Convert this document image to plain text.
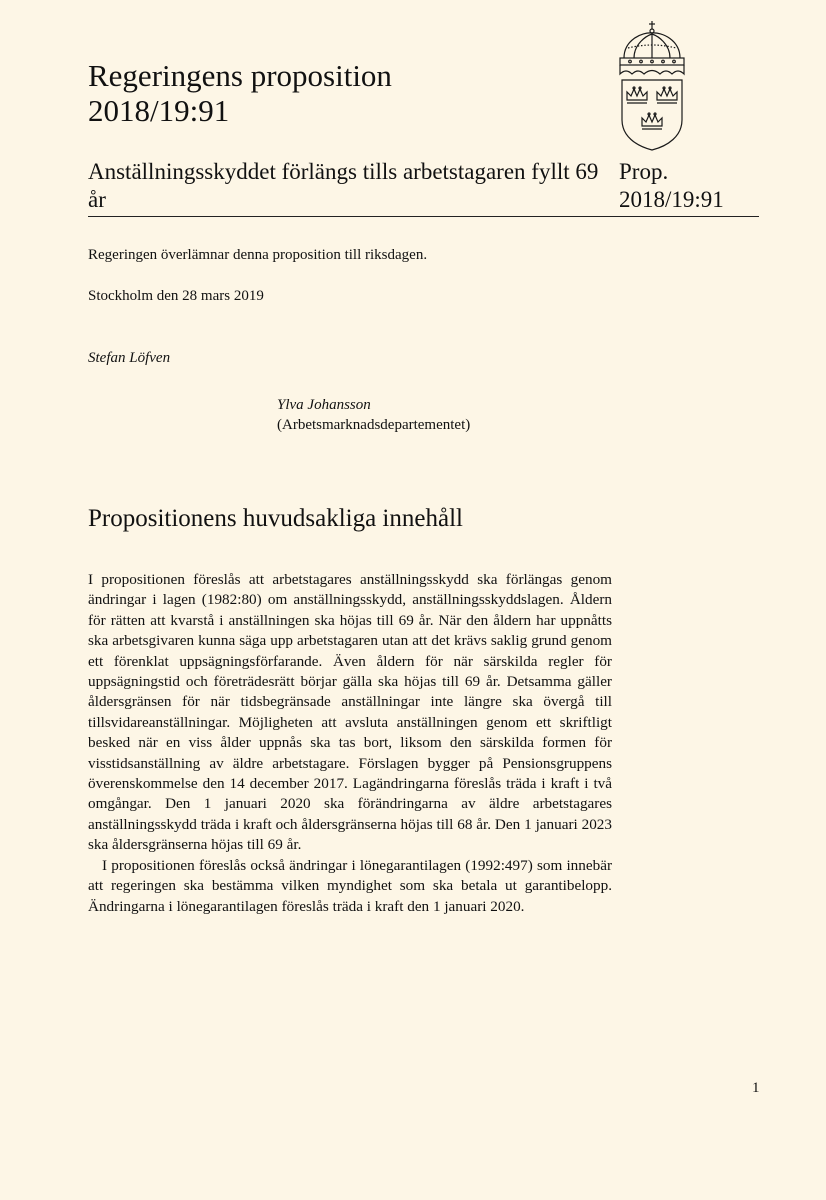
Regeringens proposition
2018/19:91
Anställningsskyddet förlängs tills arbetstagaren fyllt 69 år
Prop.
2018/19:91
Regeringen överlämnar denna proposition till riksdagen.
Stockholm den 28 mars 2019
Stefan Löfven
Ylva Johansson
(Arbetsmarknadsdepartementet)
Propositionens huvudsakliga innehåll

I propositionen föreslås att arbetstagares anställningsskydd ska förlängas genom ändringar i lagen (1982:80) om anställningsskydd, anställningsskyddslagen. Åldern för rätten att kvarstå i anställningen ska höjas till 69 år. När den åldern har uppnåtts ska arbetsgivaren kunna säga upp arbetstagaren utan att det krävs saklig grund genom ett förenklat uppsägningsförfarande. Även åldern för när särskilda regler för uppsägningstid och företrädesrätt börjar gälla ska höjas till 69 år. Detsamma gäller åldersgränsen för när tidsbegränsade anställningar inte längre ska övergå till tillsvidareanställningar. Möjligheten att avsluta anställningen genom ett skriftligt besked när en viss ålder uppnås ska tas bort, liksom den särskilda formen för visstidsanställning av äldre arbetstagare. Förslagen bygger på Pensionsgruppens överenskommelse den 14 december 2017. Lagändringarna föreslås träda i kraft i två omgångar. Den 1 januari 2020 ska förändringarna av äldre arbetstagares anställningsskydd träda i kraft och åldersgränserna höjas till 68 år. Den 1 januari 2023 ska åldersgränserna höjas till 69 år.

I propositionen föreslås också ändringar i lönegarantilagen (1992:497) som innebär att regeringen ska bestämma vilken myndighet som ska betala ut garantibelopp. Ändringarna i lönegarantilagen föreslås träda i kraft den 1 januari 2020.

1
